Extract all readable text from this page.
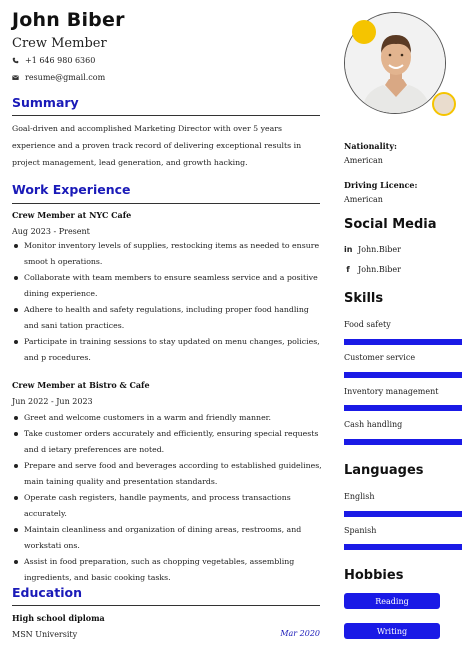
John Biber
Crew Member
+1 646 980 6360
resume@gmail.com
Summary
Goal-driven and accomplished Marketing Director with over 5 years experience and a proven track record of delivering exceptional results in project management, lead generation, and growth hacking.
Work Experience
Crew Member at NYC Cafe
Aug 2023 - Present
Monitor inventory levels of supplies, restocking items as needed to ensure smoot h operations.
Collaborate with team members to ensure seamless service and a positive dining experience.
Adhere to health and safety regulations, including proper food handling and sani tation practices.
Participate in training sessions to stay updated on menu changes, policies, and p rocedures.
Crew Member at Bistro & Cafe
Jun 2022 - Jun 2023
Greet and welcome customers in a warm and friendly manner.
Take customer orders accurately and efficiently, ensuring special requests and d ietary preferences are noted.
Prepare and serve food and beverages according to established guidelines, main taining quality and presentation standards.
Operate cash registers, handle payments, and process transactions accurately.
Maintain cleanliness and organization of dining areas, restrooms, and workstati ons.
Assist in food preparation, such as chopping vegetables, assembling ingredients, and basic cooking tasks.
Education
High school diploma
MSN University	Mar 2020
Nationality:
American
Driving Licence:
American
Social Media
in John.Biber
f John.Biber
Skills
Food safety
Customer service
Inventory management
Cash handling
Languages
English
Spanish
Hobbies
Reading
Writing
